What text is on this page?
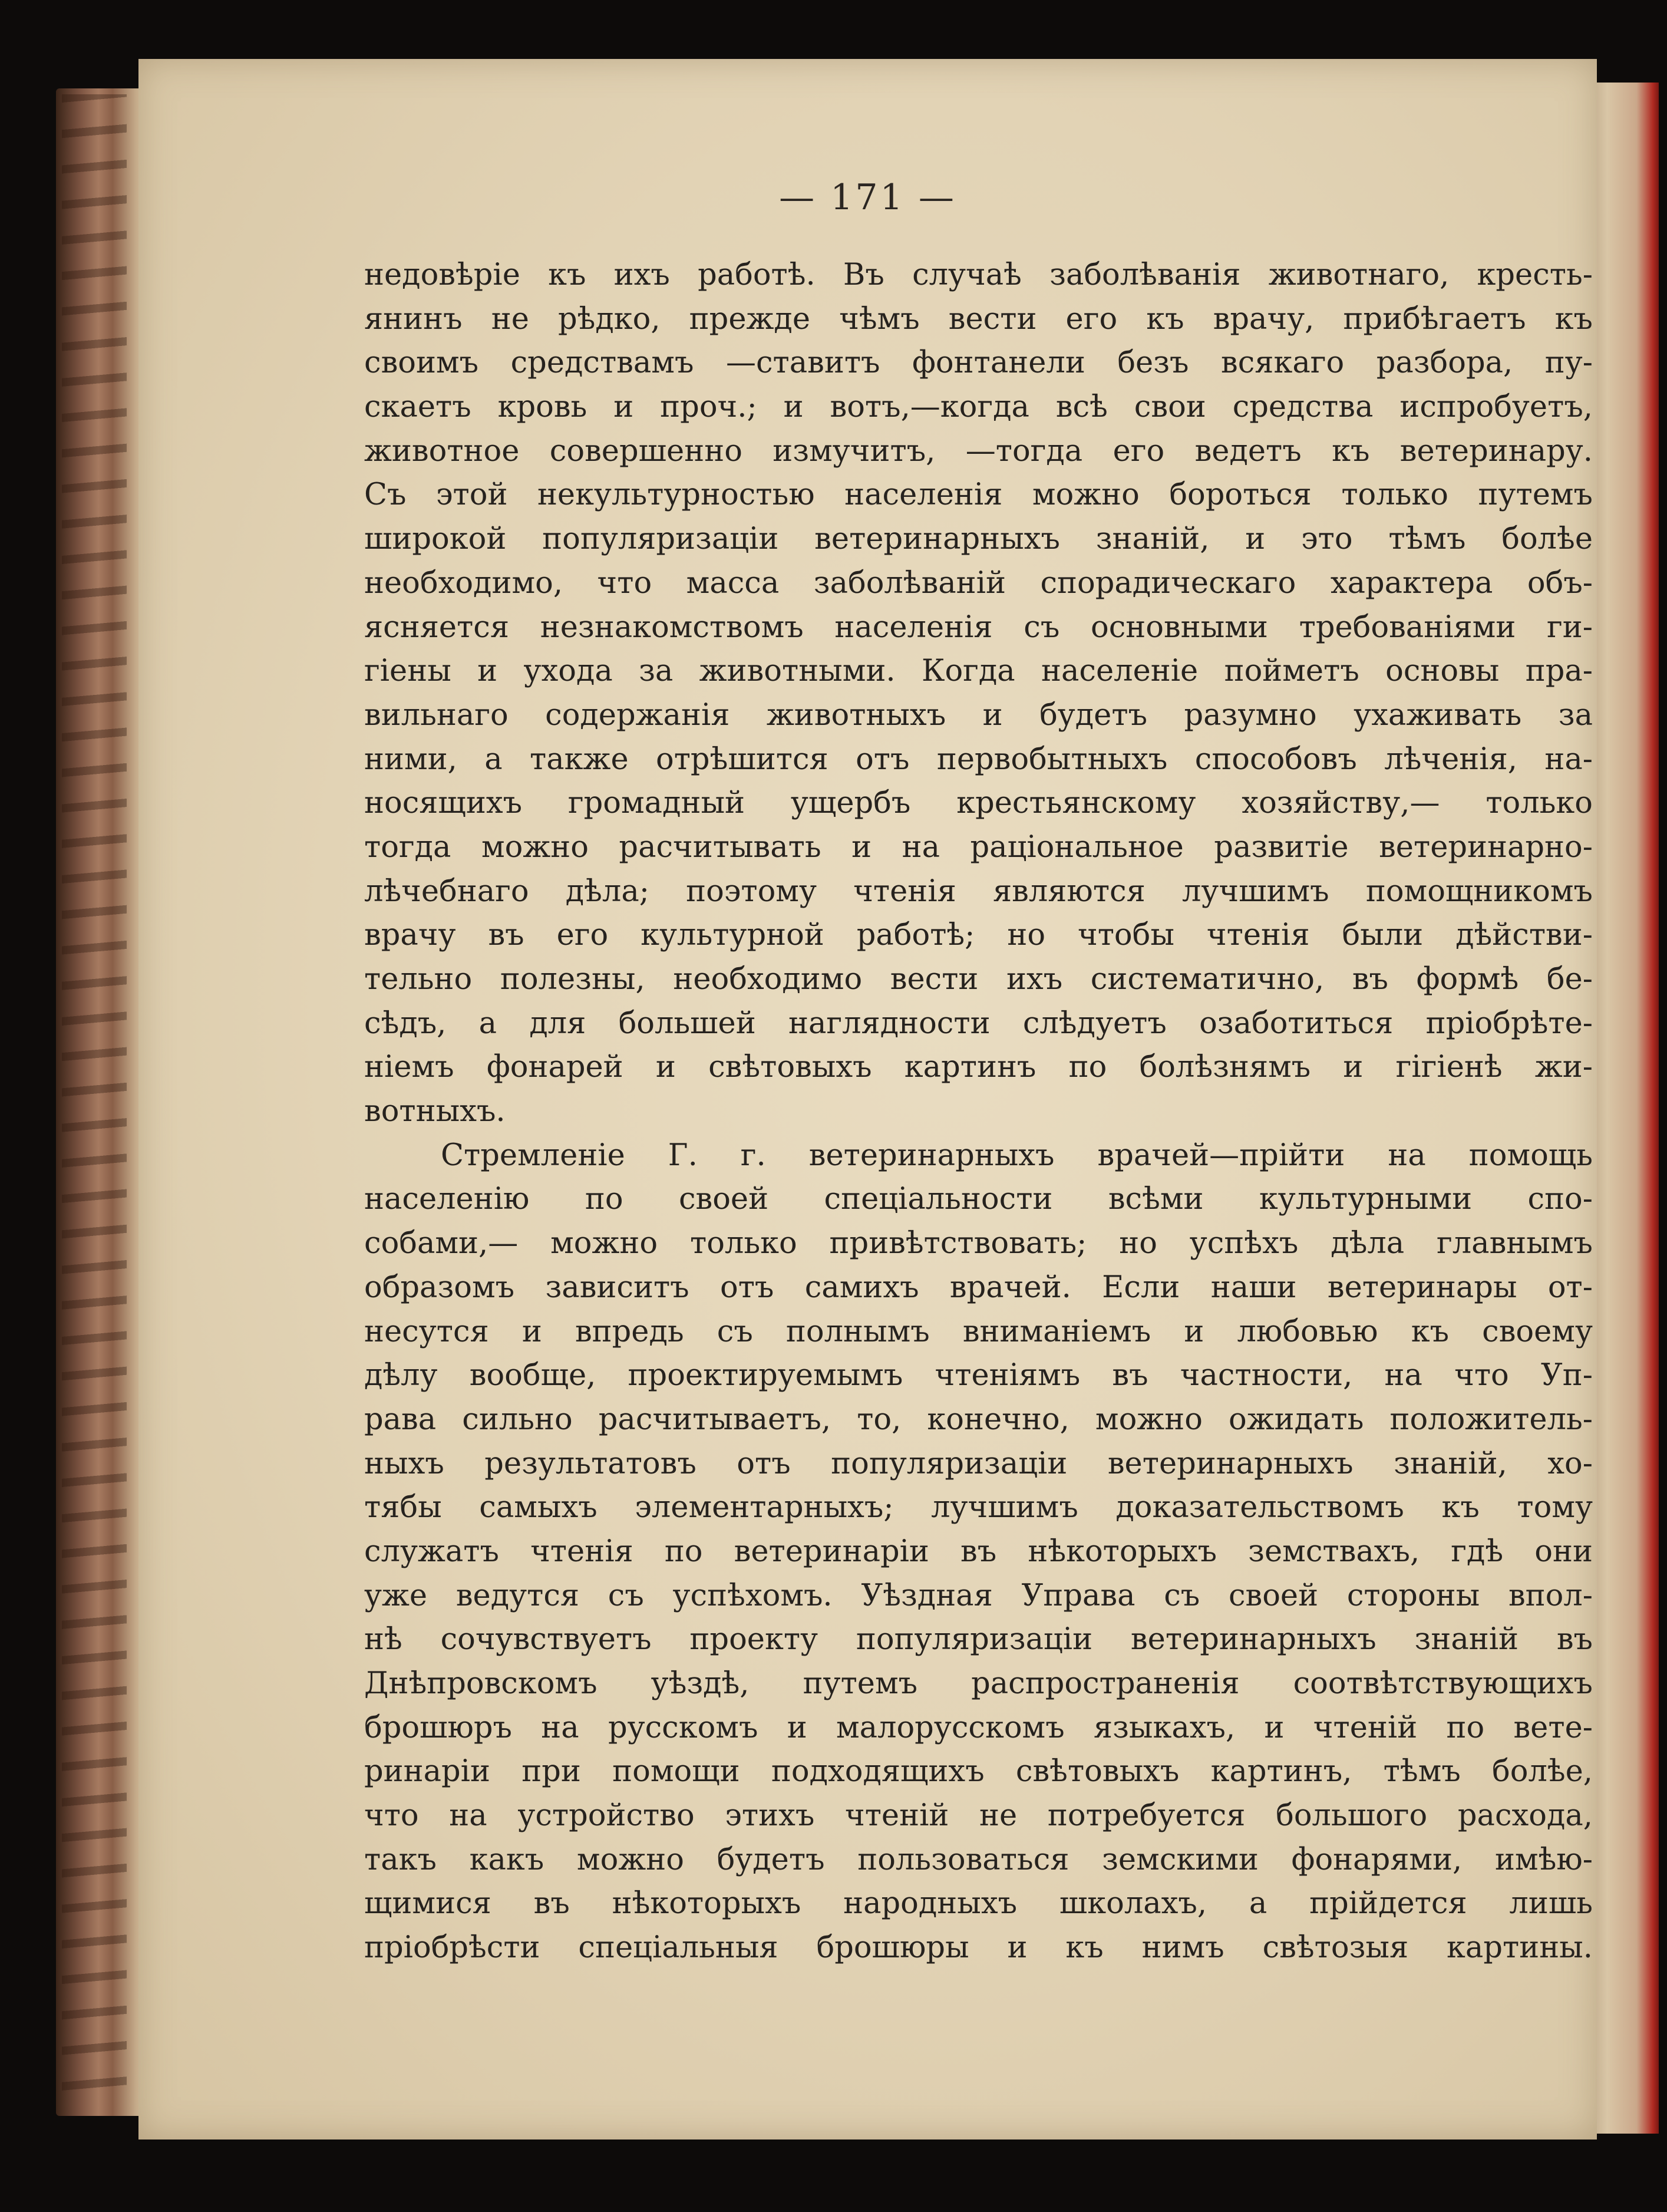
— 171 —
недовѣріе къ ихъ работѣ. Въ случаѣ заболѣванія животнаго, кресть-
янинъ не рѣдко, прежде чѣмъ вести его къ врачу, прибѣгаетъ къ
своимъ средствамъ —ставитъ фонтанели безъ всякаго разбора, пу-
скаетъ кровь и проч.; и вотъ,—когда всѣ свои средства испробуетъ,
животное совершенно измучитъ, —тогда его ведетъ къ ветеринару.
Съ этой некультурностью населенія можно бороться только путемъ
широкой популяризаціи ветеринарныхъ знаній, и это тѣмъ болѣе
необходимо, что масса заболѣваній спорадическаго характера объ-
ясняется незнакомствомъ населенія съ основными требованіями ги-
гіены и ухода за животными. Когда населеніе пойметъ основы пра-
вильнаго содержанія животныхъ и будетъ разумно ухаживать за
ними, а также отрѣшится отъ первобытныхъ способовъ лѣченія, на-
носящихъ громадный ущербъ крестьянскому хозяйству,— только
тогда можно расчитывать и на раціональное развитіе ветеринарно-
лѣчебнаго дѣла; поэтому чтенія являются лучшимъ помощникомъ
врачу въ его культурной работѣ; но чтобы чтенія были дѣйстви-
тельно полезны, необходимо вести ихъ систематично, въ формѣ бе-
сѣдъ, а для большей наглядности слѣдуетъ озаботиться пріобрѣте-
ніемъ фонарей и свѣтовыхъ картинъ по болѣзнямъ и гігіенѣ жи-
вотныхъ.
Стремленіе Г. г. ветеринарныхъ врачей—прійти на помощь
населенію по своей спеціальности всѣми культурными спо-
собами,— можно только привѣтствовать; но успѣхъ дѣла главнымъ
образомъ зависитъ отъ самихъ врачей. Если наши ветеринары от-
несутся и впредь съ полнымъ вниманіемъ и любовью къ своему
дѣлу вообще, проектируемымъ чтеніямъ въ частности, на что Уп-
рава сильно расчитываетъ, то, конечно, можно ожидать положитель-
ныхъ результатовъ отъ популяризаціи ветеринарныхъ знаній, хо-
тябы самыхъ элементарныхъ; лучшимъ доказательствомъ къ тому
служатъ чтенія по ветеринаріи въ нѣкоторыхъ земствахъ, гдѣ они
уже ведутся съ успѣхомъ. Уѣздная Управа съ своей стороны впол-
нѣ сочувствуетъ проекту популяризаціи ветеринарныхъ знаній въ
Днѣпровскомъ уѣздѣ, путемъ распространенія соотвѣтствующихъ
брошюръ на русскомъ и малорусскомъ языкахъ, и чтеній по вете-
ринаріи при помощи подходящихъ свѣтовыхъ картинъ, тѣмъ болѣе,
что на устройство этихъ чтеній не потребуется большого расхода,
такъ какъ можно будетъ пользоваться земскими фонарями, имѣю-
щимися въ нѣкоторыхъ народныхъ школахъ, а прійдется лишь
пріобрѣсти спеціальныя брошюры и къ нимъ свѣтозыя картины.
